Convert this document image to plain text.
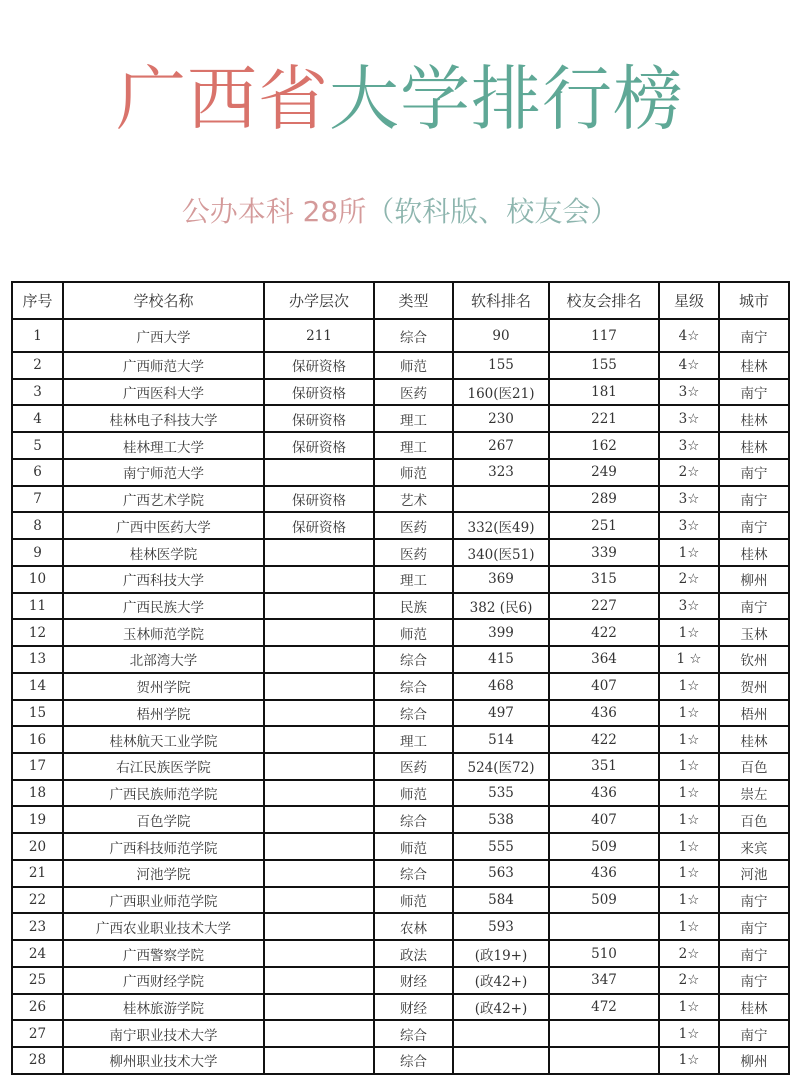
广西省大学排行榜
公办本科 28所（软科版、校友会）
序号	学校名称	办学层次	类型	软科排名	校友会排名	星级	城市
1	广西大学	211	综合	90	117	4☆	南宁
2	广西师范大学	保研资格	师范	155	155	4☆	桂林
3	广西医科大学	保研资格	医药	160(医21)	181	3☆	南宁
4	桂林电子科技大学	保研资格	理工	230	221	3☆	桂林
5	桂林理工大学	保研资格	理工	267	162	3☆	桂林
6	南宁师范大学		师范	323	249	2☆	南宁
7	广西艺术学院	保研资格	艺术		289	3☆	南宁
8	广西中医药大学	保研资格	医药	332(医49)	251	3☆	南宁
9	桂林医学院		医药	340(医51)	339	1☆	桂林
10	广西科技大学		理工	369	315	2☆	柳州
11	广西民族大学		民族	382 (民6)	227	3☆	南宁
12	玉林师范学院		师范	399	422	1☆	玉林
13	北部湾大学		综合	415	364	1 ☆	钦州
14	贺州学院		综合	468	407	1☆	贺州
15	梧州学院		综合	497	436	1☆	梧州
16	桂林航天工业学院		理工	514	422	1☆	桂林
17	右江民族医学院		医药	524(医72)	351	1☆	百色
18	广西民族师范学院		师范	535	436	1☆	崇左
19	百色学院		综合	538	407	1☆	百色
20	广西科技师范学院		师范	555	509	1☆	来宾
21	河池学院		综合	563	436	1☆	河池
22	广西职业师范学院		师范	584	509	1☆	南宁
23	广西农业职业技术大学		农林	593		1☆	南宁
24	广西警察学院		政法	(政19+)	510	2☆	南宁
25	广西财经学院		财经	(政42+)	347	2☆	南宁
26	桂林旅游学院		财经	(政42+)	472	1☆	桂林
27	南宁职业技术大学		综合			1☆	南宁
28	柳州职业技术大学		综合			1☆	柳州
